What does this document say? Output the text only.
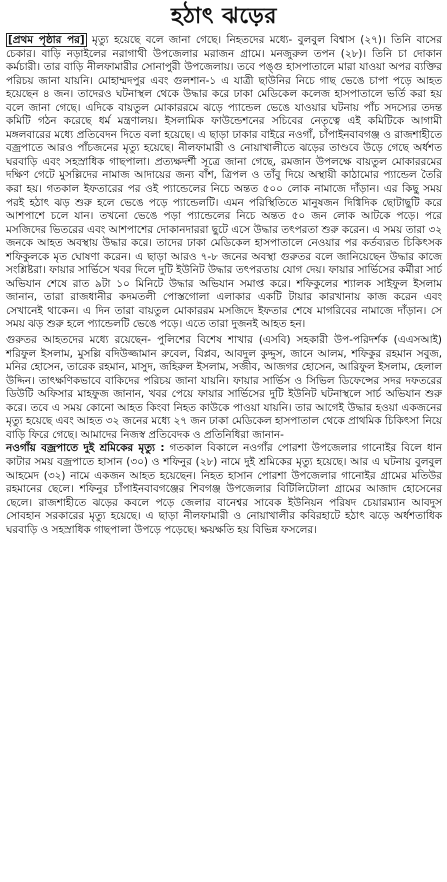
হঠাৎ ঝড়ের

[প্রথম পৃষ্ঠার পর] মৃত্যু হয়েছে বলে জানা গেছে। নিহতদের মধ্যে- বুলবুল বিশ্বাস (২৭)। তিনি বাসের চেকার। বাড়ি নড়াইলের নরাগাথী উপজেলার মরাজন গ্রামে। মনজুরুল তপন (২৮)। তিনি চা দোকান কর্মচারী। তার বাড়ি নীলফামারীর সোনাপুরী উপজেলায়। তবে পঙ্গু হাসপাতালে মারা যাওয়া অপর ব্যক্তির পরিচয় জানা যায়নি। মোহাম্মদপুর এবং গুলশান-১ এ যাত্রী ছাউনির নিচে গাছ ভেঙে চাপা পড়ে আহত হয়েছেন ৪ জন। তাদেরও ঘটনাস্থল থেকে উদ্ধার করে ঢাকা মেডিকেল কলেজ হাসপাতালে ভর্তি করা হয় বলে জানা গেছে। এদিকে বায়তুল মোকাররমে ঝড়ে প্যান্ডেল ভেঙে যাওয়ার ঘটনায় পাঁচ সদস্যের তদন্ত কমিটি গঠন করেছে ধর্ম মন্ত্রণালয়। ইসলামিক ফাউন্ডেশনের সচিবের নেতৃত্বে এই কমিটিকে আগামী মঙ্গলবারের মধ্যে প্রতিবেদন দিতে বলা হয়েছে। এ ছাড়া ঢাকার বাইরে নওগাঁ, চাঁপাইনবাবগঞ্জ ও রাজশাহীতে বজ্রপাতে আরও পাঁচজনের মৃত্যু হয়েছে। নীলফামারী ও নোয়াখালীতে ঝড়ের তাণ্ডবে উড়ে গেছে অর্ধশত ঘরবাড়ি এবং সহস্রাধিক গাছপালা। প্রত্যক্ষদর্শী সূত্রে জানা গেছে, রমজান উপলক্ষে বায়তুল মোকাররমের দক্ষিণ গেটে মুসল্লিদের নামাজ আদায়ের জন্য বাঁশ, ত্রিপল ও তাঁবু দিয়ে অস্থায়ী কাঠামোর প্যান্ডেল তৈরি করা হয়। গতকাল ইফতারের পর ওই প্যান্ডেলের নিচে অন্তত ৫০০ লোক নামাজে দাঁড়ান। এর কিছু সময় পরই হঠাৎ ঝড় শুরু হলে ভেঙে পড়ে প্যান্ডেলটি। এমন পরিস্থিতিতে মানুষজন দিগ্বিদিক ছোটাছুটি করে আশপাশে চলে যান। তখনো ভেঙে পড়া প্যান্ডেলের নিচে অন্তত ৫০ জন লোক আটকে পড়ে। পরে মসজিদের ভিতরের এবং আশপাশের দোকানদাররা ছুটে এসে উদ্ধার তৎপরতা শুরু করেন। এ সময় তারা ৩২ জনকে আহত অবস্থায় উদ্ধার করে। তাদের ঢাকা মেডিকেল হাসপাতালে নেওয়ার পর কর্তব্যরত চিকিৎসক শফিকুলকে মৃত ঘোষণা করেন। এ ছাড়া আরও ৭-৮ জনের অবস্থা গুরুতর বলে জানিয়েছেন উদ্ধার কাজে সংশ্লিষ্টরা। ফায়ার সার্ভিসে খবর দিলে দুটি ইউনিট উদ্ধার তৎপরতায় যোগ দেয়। ফায়ার সার্ভিসের কর্মীরা সার্চ অভিযান শেষে রাত ৯টা ১০ মিনিটে উদ্ধার অভিযান সমাপ্ত করে। শফিকুলের শ্যালক সাইফুল ইসলাম জানান, তারা রাজধানীর কদমতলী পোস্তগোলা এলাকার একটি টায়ার কারখানায় কাজ করেন এবং সেখানেই থাকেন। এ দিন তারা বায়তুল মোকাররম মসজিদে ইফতার শেষে মাগরিবের নামাজে দাঁড়ান। সে সময় ঝড় শুরু হলে প্যান্ডেলটি ভেঙে পড়ে। এতে তারা দুজনই আহত হন।

গুরুতর আহতদের মধ্যে রয়েছেন- পুলিশের বিশেষ শাখার (এসবি) সহকারী উপ-পরিদর্শক (এএসআই) শরিফুল ইসলাম, মুসল্লি বদিউজ্জামান রুবেল, বিপ্লব, আবদুল কুদ্দুস, জানে আলম, শফিকুর রহমান সবুজ, মনির হোসেন, তারেক রহমান, মাসুদ, জহিরুল ইসলাম, সজীব, আজগর হোসেন, আরিফুল ইসলাম, হেলাল উদ্দিন। তাৎক্ষণিকভাবে বাকিদের পরিচয় জানা যায়নি। ফায়ার সার্ভিস ও সিভিল ডিফেন্সের সদর দফতরের ডিউটি অফিসার মাহফুজ জানান, খবর পেয়ে ফায়ার সার্ভিসের দুটি ইউনিট ঘটনাস্থলে সার্চ অভিযান শুরু করে। তবে এ সময় কোনো আহত কিংবা নিহত কাউকে পাওয়া যায়নি। তার আগেই উদ্ধার হওয়া একজনের মৃত্যু হয়েছে এবং আহত ৩২ জনের মধ্যে ২৭ জন ঢাকা মেডিকেল হাসপাতাল থেকে প্রাথমিক চিকিৎসা নিয়ে বাড়ি ফিরে গেছে। আমাদের নিজস্ব প্রতিবেদক ও প্রতিনিধিরা জানান-

নওগাঁয় বজ্রপাতে দুই শ্রমিকের মৃত্যু : গতকাল বিকালে নওগাঁর পোরশা উপজেলার গানোইর বিলে ধান কাটার সময় বজ্রপাতে হাসান (৩০) ও শফিনুর (২৮) নামে দুই শ্রমিকের মৃত্যু হয়েছে। আর এ ঘটনায় বুলবুল আহমেদ (৩২) নামে একজন আহত হয়েছেন। নিহত হাসান পোরশা উপজেলার গানোইর গ্রামের মতিউর রহমানের ছেলে। শফিনুর চাঁপাইনবাবগঞ্জের শিবগঞ্জ উপজেলার বিটিলিটোলা গ্রামের আজাদ হোসেনের ছেলে। রাজশাহীতে ঝড়ের কবলে পড়ে জেলার বানেশ্বর সাবেক ইউনিয়ন পরিষদ চেয়ারম্যান আবদুস সোবহান সরকারের মৃত্যু হয়েছে। এ ছাড়া নীলফামারী ও নোয়াখালীর কবিরহাটে হঠাৎ ঝড়ে অর্ধশতাধিক ঘরবাড়ি ও সহস্রাধিক গাছপালা উপড়ে পড়েছে। ক্ষয়ক্ষতি হয় বিভিন্ন ফসলের।
